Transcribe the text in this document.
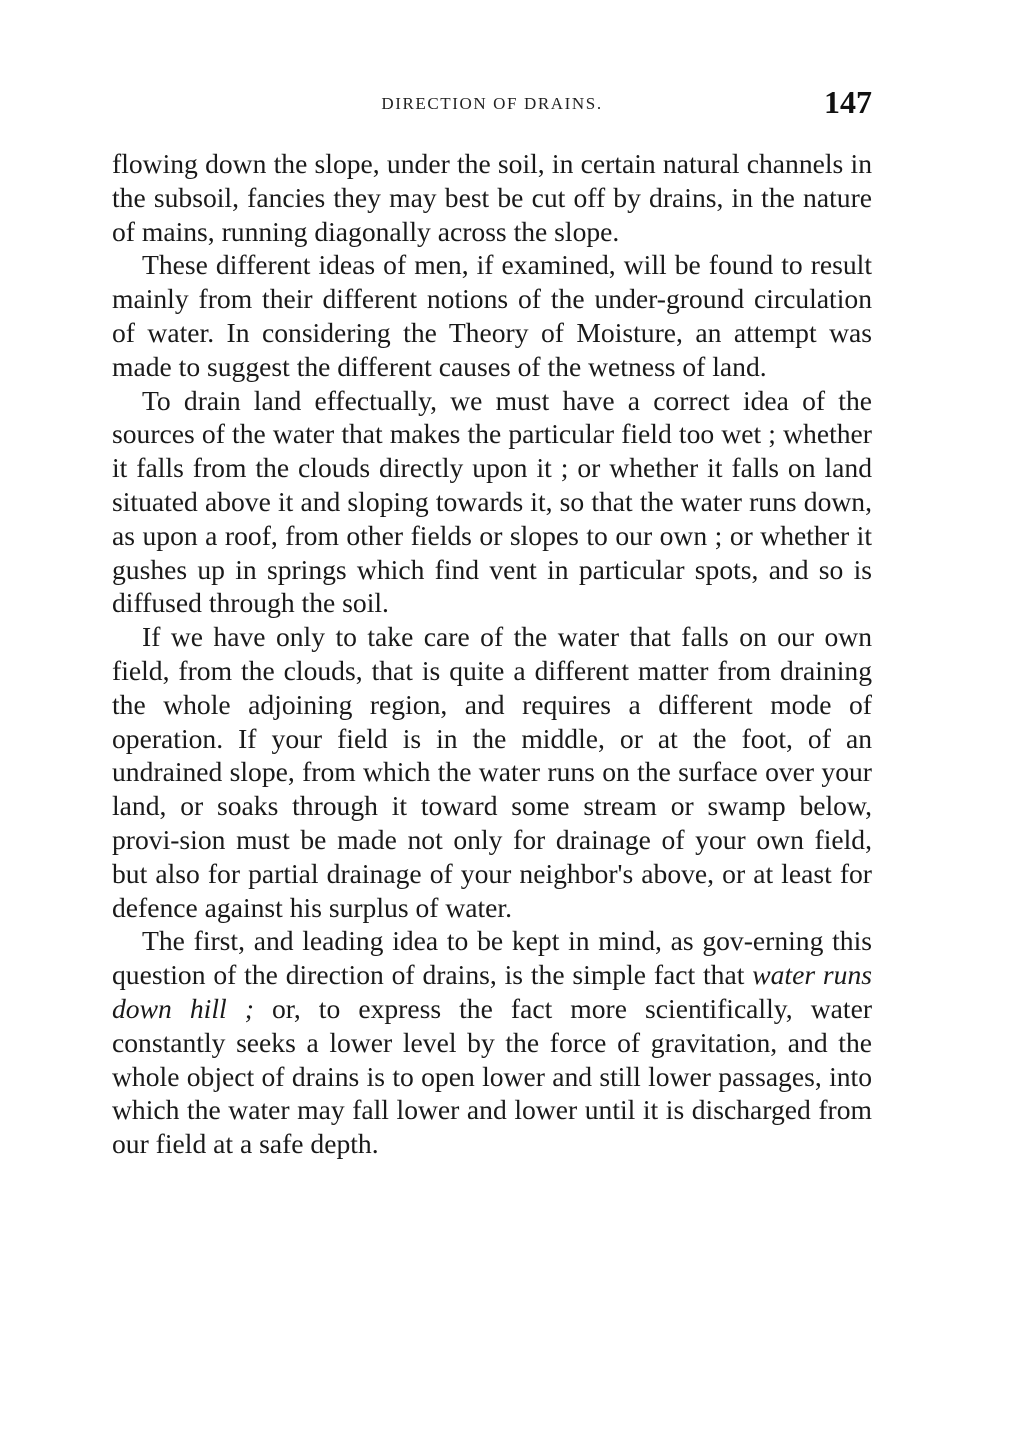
DIRECTION OF DRAINS.	147

flowing down the slope, under the soil, in certain natural channels in the subsoil, fancies they may best be cut off by drains, in the nature of mains, running diagonally across the slope.

These different ideas of men, if examined, will be found to result mainly from their different notions of the under-ground circulation of water. In considering the Theory of Moisture, an attempt was made to suggest the different causes of the wetness of land.

To drain land effectually, we must have a correct idea of the sources of the water that makes the particular field too wet ; whether it falls from the clouds directly upon it ; or whether it falls on land situated above it and sloping towards it, so that the water runs down, as upon a roof, from other fields or slopes to our own ; or whether it gushes up in springs which find vent in particular spots, and so is diffused through the soil.

If we have only to take care of the water that falls on our own field, from the clouds, that is quite a different matter from draining the whole adjoining region, and requires a different mode of operation. If your field is in the middle, or at the foot, of an undrained slope, from which the water runs on the surface over your land, or soaks through it toward some stream or swamp below, provi-sion must be made not only for drainage of your own field, but also for partial drainage of your neighbor's above, or at least for defence against his surplus of water.

The first, and leading idea to be kept in mind, as gov-erning this question of the direction of drains, is the simple fact that water runs down hill ; or, to express the fact more scientifically, water constantly seeks a lower level by the force of gravitation, and the whole object of drains is to open lower and still lower passages, into which the water may fall lower and lower until it is discharged from our field at a safe depth.
